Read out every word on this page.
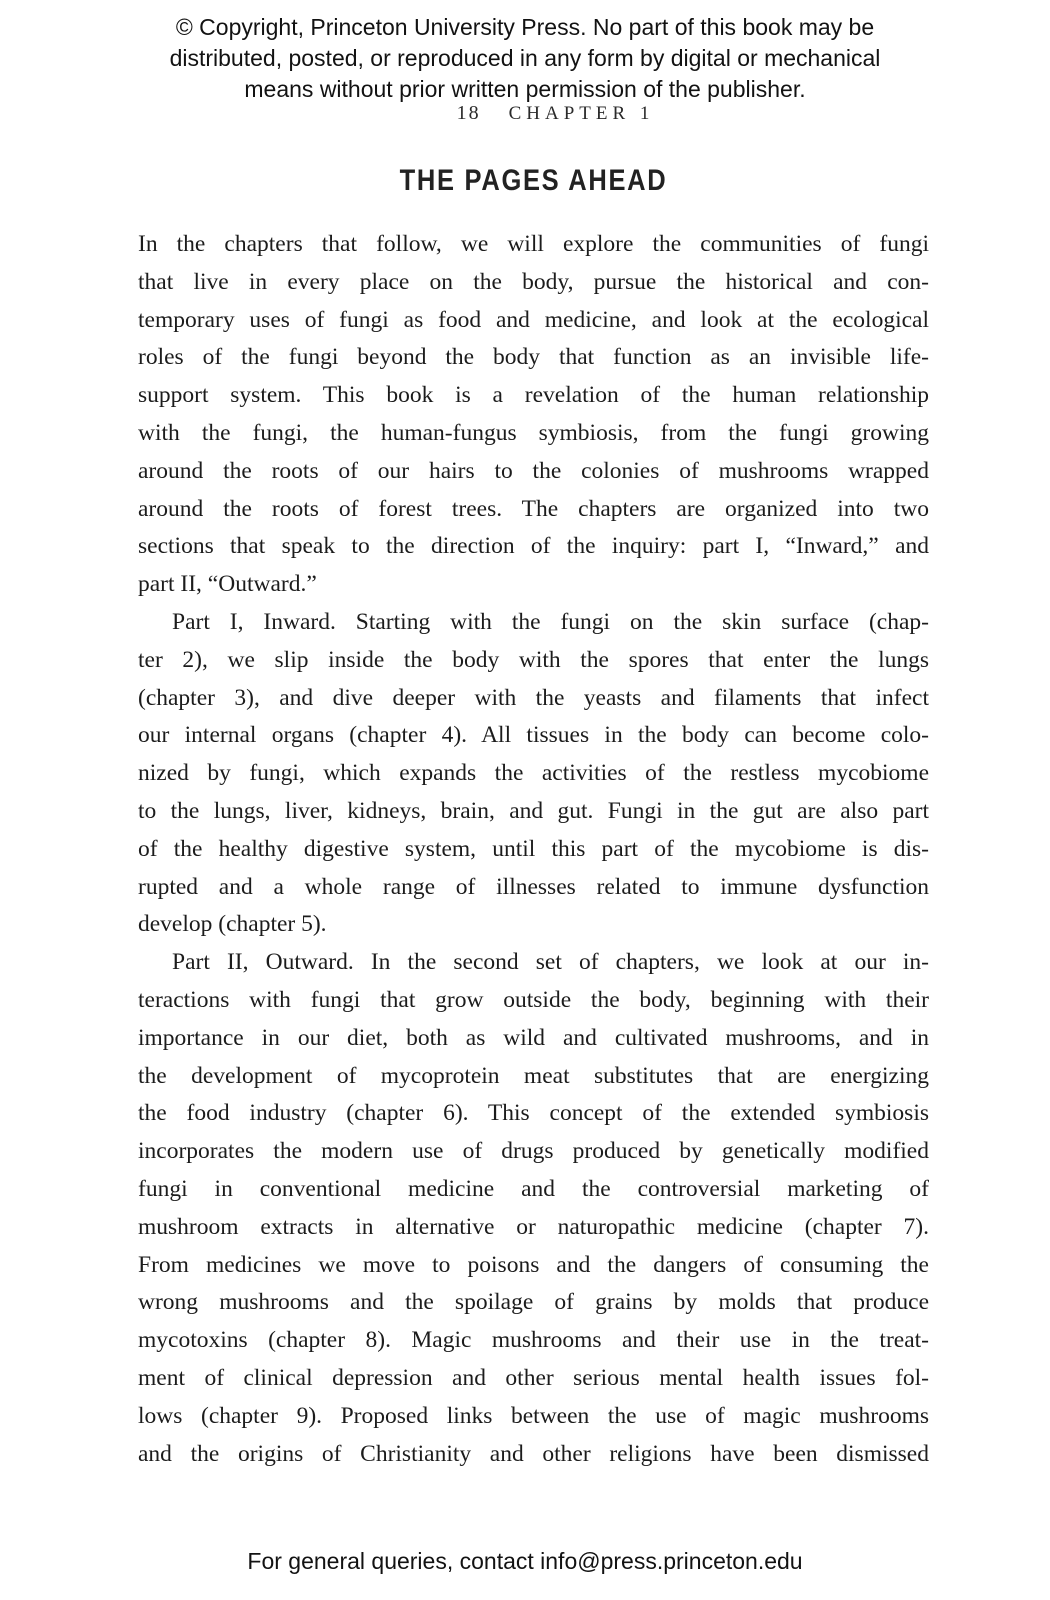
© Copyright, Princeton University Press. No part of this book may be
distributed, posted, or reproduced in any form by digital or mechanical
means without prior written permission of the publisher.
18 CHAPTER 1
THE PAGES AHEAD
In the chapters that follow, we will explore the communities of fungi
that live in every place on the body, pursue the historical and con-
temporary uses of fungi as food and medicine, and look at the ecological
roles of the fungi beyond the body that function as an invisible life-
support system. This book is a revelation of the human relationship
with the fungi, the human-fungus symbiosis, from the fungi growing
around the roots of our hairs to the colonies of mushrooms wrapped
around the roots of forest trees. The chapters are organized into two
sections that speak to the direction of the inquiry: part I, “Inward,” and
part II, “Outward.”
Part I, Inward. Starting with the fungi on the skin surface (chap-
ter 2), we slip inside the body with the spores that enter the lungs
(chapter 3), and dive deeper with the yeasts and filaments that infect
our internal organs (chapter 4). All tissues in the body can become colo-
nized by fungi, which expands the activities of the restless mycobiome
to the lungs, liver, kidneys, brain, and gut. Fungi in the gut are also part
of the healthy digestive system, until this part of the mycobiome is dis-
rupted and a whole range of illnesses related to immune dysfunction
develop (chapter 5).
Part II, Outward. In the second set of chapters, we look at our in-
teractions with fungi that grow outside the body, beginning with their
importance in our diet, both as wild and cultivated mushrooms, and in
the development of mycoprotein meat substitutes that are energizing
the food industry (chapter 6). This concept of the extended symbiosis
incorporates the modern use of drugs produced by genetically modified
fungi in conventional medicine and the controversial marketing of
mushroom extracts in alternative or naturopathic medicine (chapter 7).
From medicines we move to poisons and the dangers of consuming the
wrong mushrooms and the spoilage of grains by molds that produce
mycotoxins (chapter 8). Magic mushrooms and their use in the treat-
ment of clinical depression and other serious mental health issues fol-
lows (chapter 9). Proposed links between the use of magic mushrooms
and the origins of Christianity and other religions have been dismissed
For general queries, contact info@press.princeton.edu
